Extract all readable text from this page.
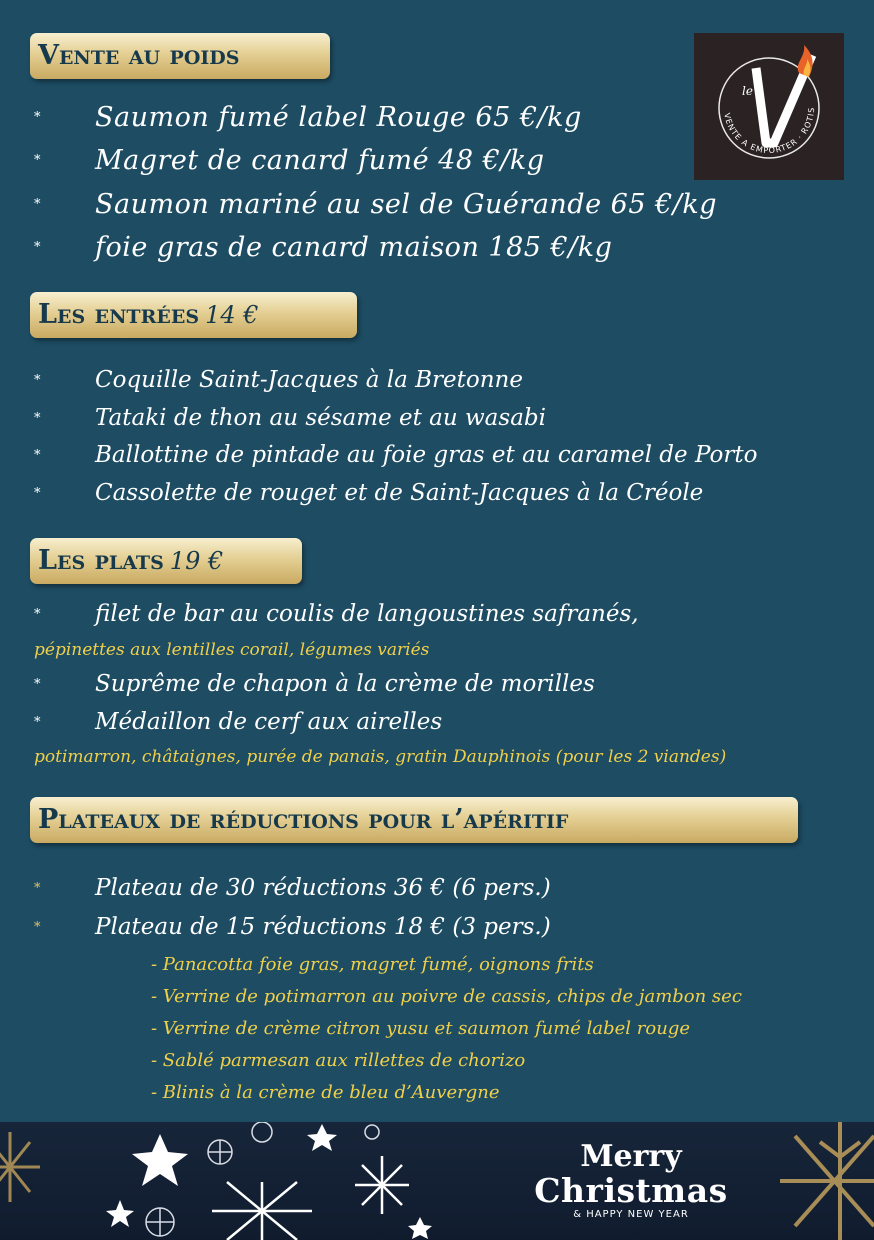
Vente au poids
* Saumon fumé label Rouge 65 €/kg
* Magret de canard fumé 48 €/kg
* Saumon mariné au sel de Guérande 65 €/kg
* foie gras de canard maison 185 €/kg
VENTE A EMPORTER · ROTIS
le
Les entrées 14 €
* Coquille Saint-Jacques à la Bretonne
* Tataki de thon au sésame et au wasabi
* Ballottine de pintade au foie gras et au caramel de Porto
* Cassolette de rouget et de Saint-Jacques à la Créole
Les plats 19 €
* filet de bar au coulis de langoustines safranés,
pépinettes aux lentilles corail, légumes variés
* Suprême de chapon à la crème de morilles
* Médaillon de cerf aux airelles
potimarron, châtaignes, purée de panais, gratin Dauphinois (pour les 2 viandes)
Plateaux de réductions pour l’apéritif
* Plateau de 30 réductions 36 € (6 pers.)
* Plateau de 15 réductions 18 € (3 pers.)
- Panacotta foie gras, magret fumé, oignons frits
- Verrine de potimarron au poivre de cassis, chips de jambon sec
- Verrine de crème citron yusu et saumon fumé label rouge
- Sablé parmesan aux rillettes de chorizo
- Blinis à la crème de bleu d’Auvergne
Merry
Christmas
& HAPPY NEW YEAR
